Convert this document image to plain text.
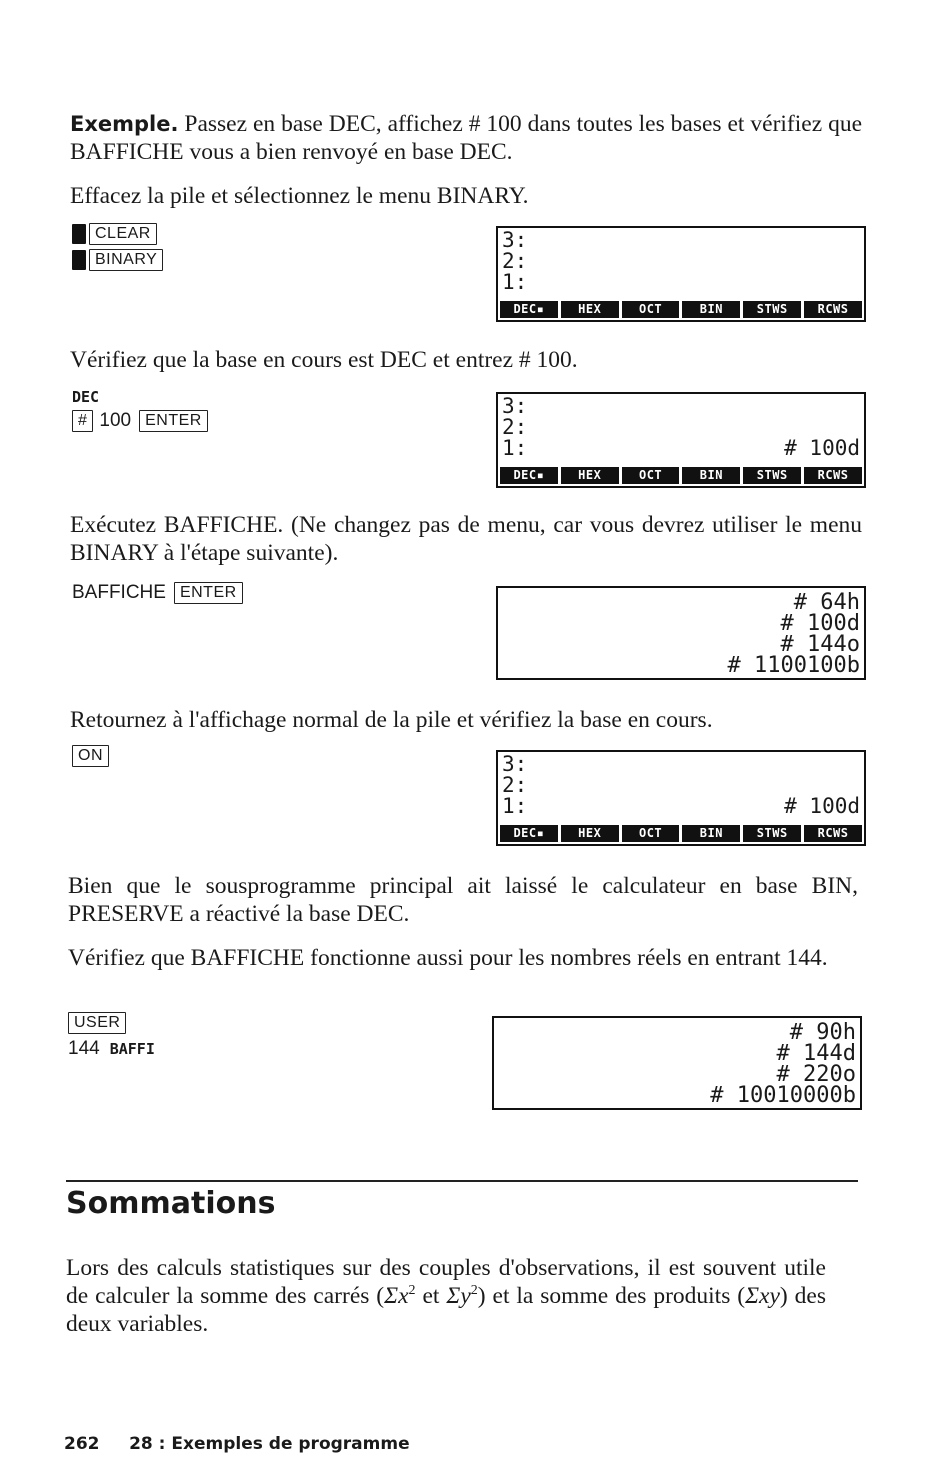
Exemple. Passez en base DEC, affichez # 100 dans toutes les bases et vérifiez que BAFFICHE vous a bien renvoyé en base DEC.
Effacez la pile et sélectionnez le menu BINARY.
CLEAR
BINARY
3:
2:
1:
DEC▪	HEX	OCT	BIN	STWS	RCWS
Vérifiez que la base en cours est DEC et entrez # 100.
DEC
# 100 ENTER
3:
2:
1:	# 100d
DEC▪	HEX	OCT	BIN	STWS	RCWS
Exécutez BAFFICHE. (Ne changez pas de menu, car vous devrez utiliser le menu BINARY à l'étape suivante).
BAFFICHE ENTER	# 64h
# 100d
# 144o
# 1100100b
Retournez à l'affichage normal de la pile et vérifiez la base en cours.
ON	3:
2:
1:	# 100d
DEC▪	HEX	OCT	BIN	STWS	RCWS
Bien que le sousprogramme principal ait laissé le calculateur en base BIN, PRESERVE a réactivé la base DEC.
Vérifiez que BAFFICHE fonctionne aussi pour les nombres réels en entrant 144.
USER
144 BAFFI
# 90h
# 144d
# 220o
# 10010000b
Sommations
Lors des calculs statistiques sur des couples d'observations, il est souvent utile de calculer la somme des carrés ($\Sigma x^2$ et $\Sigma y^2$) et la somme des produits (Σxy) des deux variables.
262 28 : Exemples de programme
